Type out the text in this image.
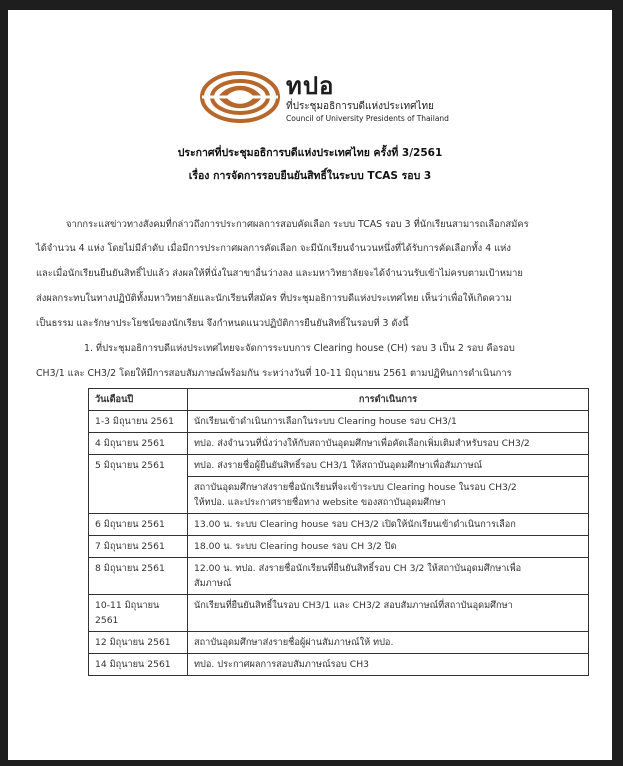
ทปอ
ที่ประชุมอธิการบดีแห่งประเทศไทย
Council of University Presidents of Thailand
ประกาศที่ประชุมอธิการบดีแห่งประเทศไทย ครั้งที่ 3/2561
เรื่อง การจัดการรอบยืนยันสิทธิ์ในระบบ TCAS รอบ 3
จากกระแสข่าวทางสังคมที่กล่าวถึงการประกาศผลการสอบคัดเลือก ระบบ TCAS รอบ 3 ที่นักเรียนสามารถเลือกสมัคร
ได้จำนวน 4 แห่ง โดยไม่มีลำดับ เมื่อมีการประกาศผลการคัดเลือก จะมีนักเรียนจำนวนหนึ่งที่ได้รับการคัดเลือกทั้ง 4 แห่ง
และเมื่อนักเรียนยืนยันสิทธิ์ไปแล้ว ส่งผลให้ที่นั่งในสาขาอื่นว่างลง และมหาวิทยาลัยจะได้จำนวนรับเข้าไม่ครบตามเป้าหมาย
ส่งผลกระทบในทางปฏิบัติทั้งมหาวิทยาลัยและนักเรียนที่สมัคร ที่ประชุมอธิการบดีแห่งประเทศไทย เห็นว่าเพื่อให้เกิดความ
เป็นธรรม และรักษาประโยชน์ของนักเรียน จึงกำหนดแนวปฏิบัติการยืนยันสิทธิ์ในรอบที่ 3 ดังนี้
1. ที่ประชุมอธิการบดีแห่งประเทศไทยจะจัดการระบบการ Clearing house (CH) รอบ 3 เป็น 2 รอบ คือรอบ
CH3/1 และ CH3/2 โดยให้มีการสอบสัมภาษณ์พร้อมกัน ระหว่างวันที่ 10-11 มิถุนายน 2561 ตามปฏิทินการดำเนินการ
วันเดือนปี	การดำเนินการ
1-3 มิถุนายน 2561	นักเรียนเข้าดำเนินการเลือกในระบบ Clearing house รอบ CH3/1

4 มิถุนายน 2561	ทปอ. ส่งจำนวนที่นั่งว่างให้กับสถาบันอุดมศึกษาเพื่อคัดเลือกเพิ่มเติมสำหรับรอบ CH3/2

5 มิถุนายน 2561	ทปอ. ส่งรายชื่อผู้ยืนยันสิทธิ์รอบ CH3/1 ให้สถาบันอุดมศึกษาเพื่อสัมภาษณ์
สถาบันอุดมศึกษาส่งรายชื่อนักเรียนที่จะเข้าระบบ Clearing house ในรอบ CH3/2
ให้ทปอ. และประกาศรายชื่อทาง website ของสถาบันอุดมศึกษา

6 มิถุนายน 2561	13.00 น. ระบบ Clearing house รอบ CH3/2 เปิดให้นักเรียนเข้าดำเนินการเลือก

7 มิถุนายน 2561	18.00 น. ระบบ Clearing house รอบ CH 3/2 ปิด

8 มิถุนายน 2561	12.00 น. ทปอ. ส่งรายชื่อนักเรียนที่ยืนยันสิทธิ์รอบ CH 3/2 ให้สถาบันอุดมศึกษาเพื่อ
สัมภาษณ์

10-11 มิถุนายน 2561	นักเรียนที่ยืนยันสิทธิ์ในรอบ CH3/1 และ CH3/2 สอบสัมภาษณ์ที่สถาบันอุดมศึกษา

12 มิถุนายน 2561	สถาบันอุดมศึกษาส่งรายชื่อผู้ผ่านสัมภาษณ์ให้ ทปอ.

14 มิถุนายน 2561	ทปอ. ประกาศผลการสอบสัมภาษณ์รอบ CH3
